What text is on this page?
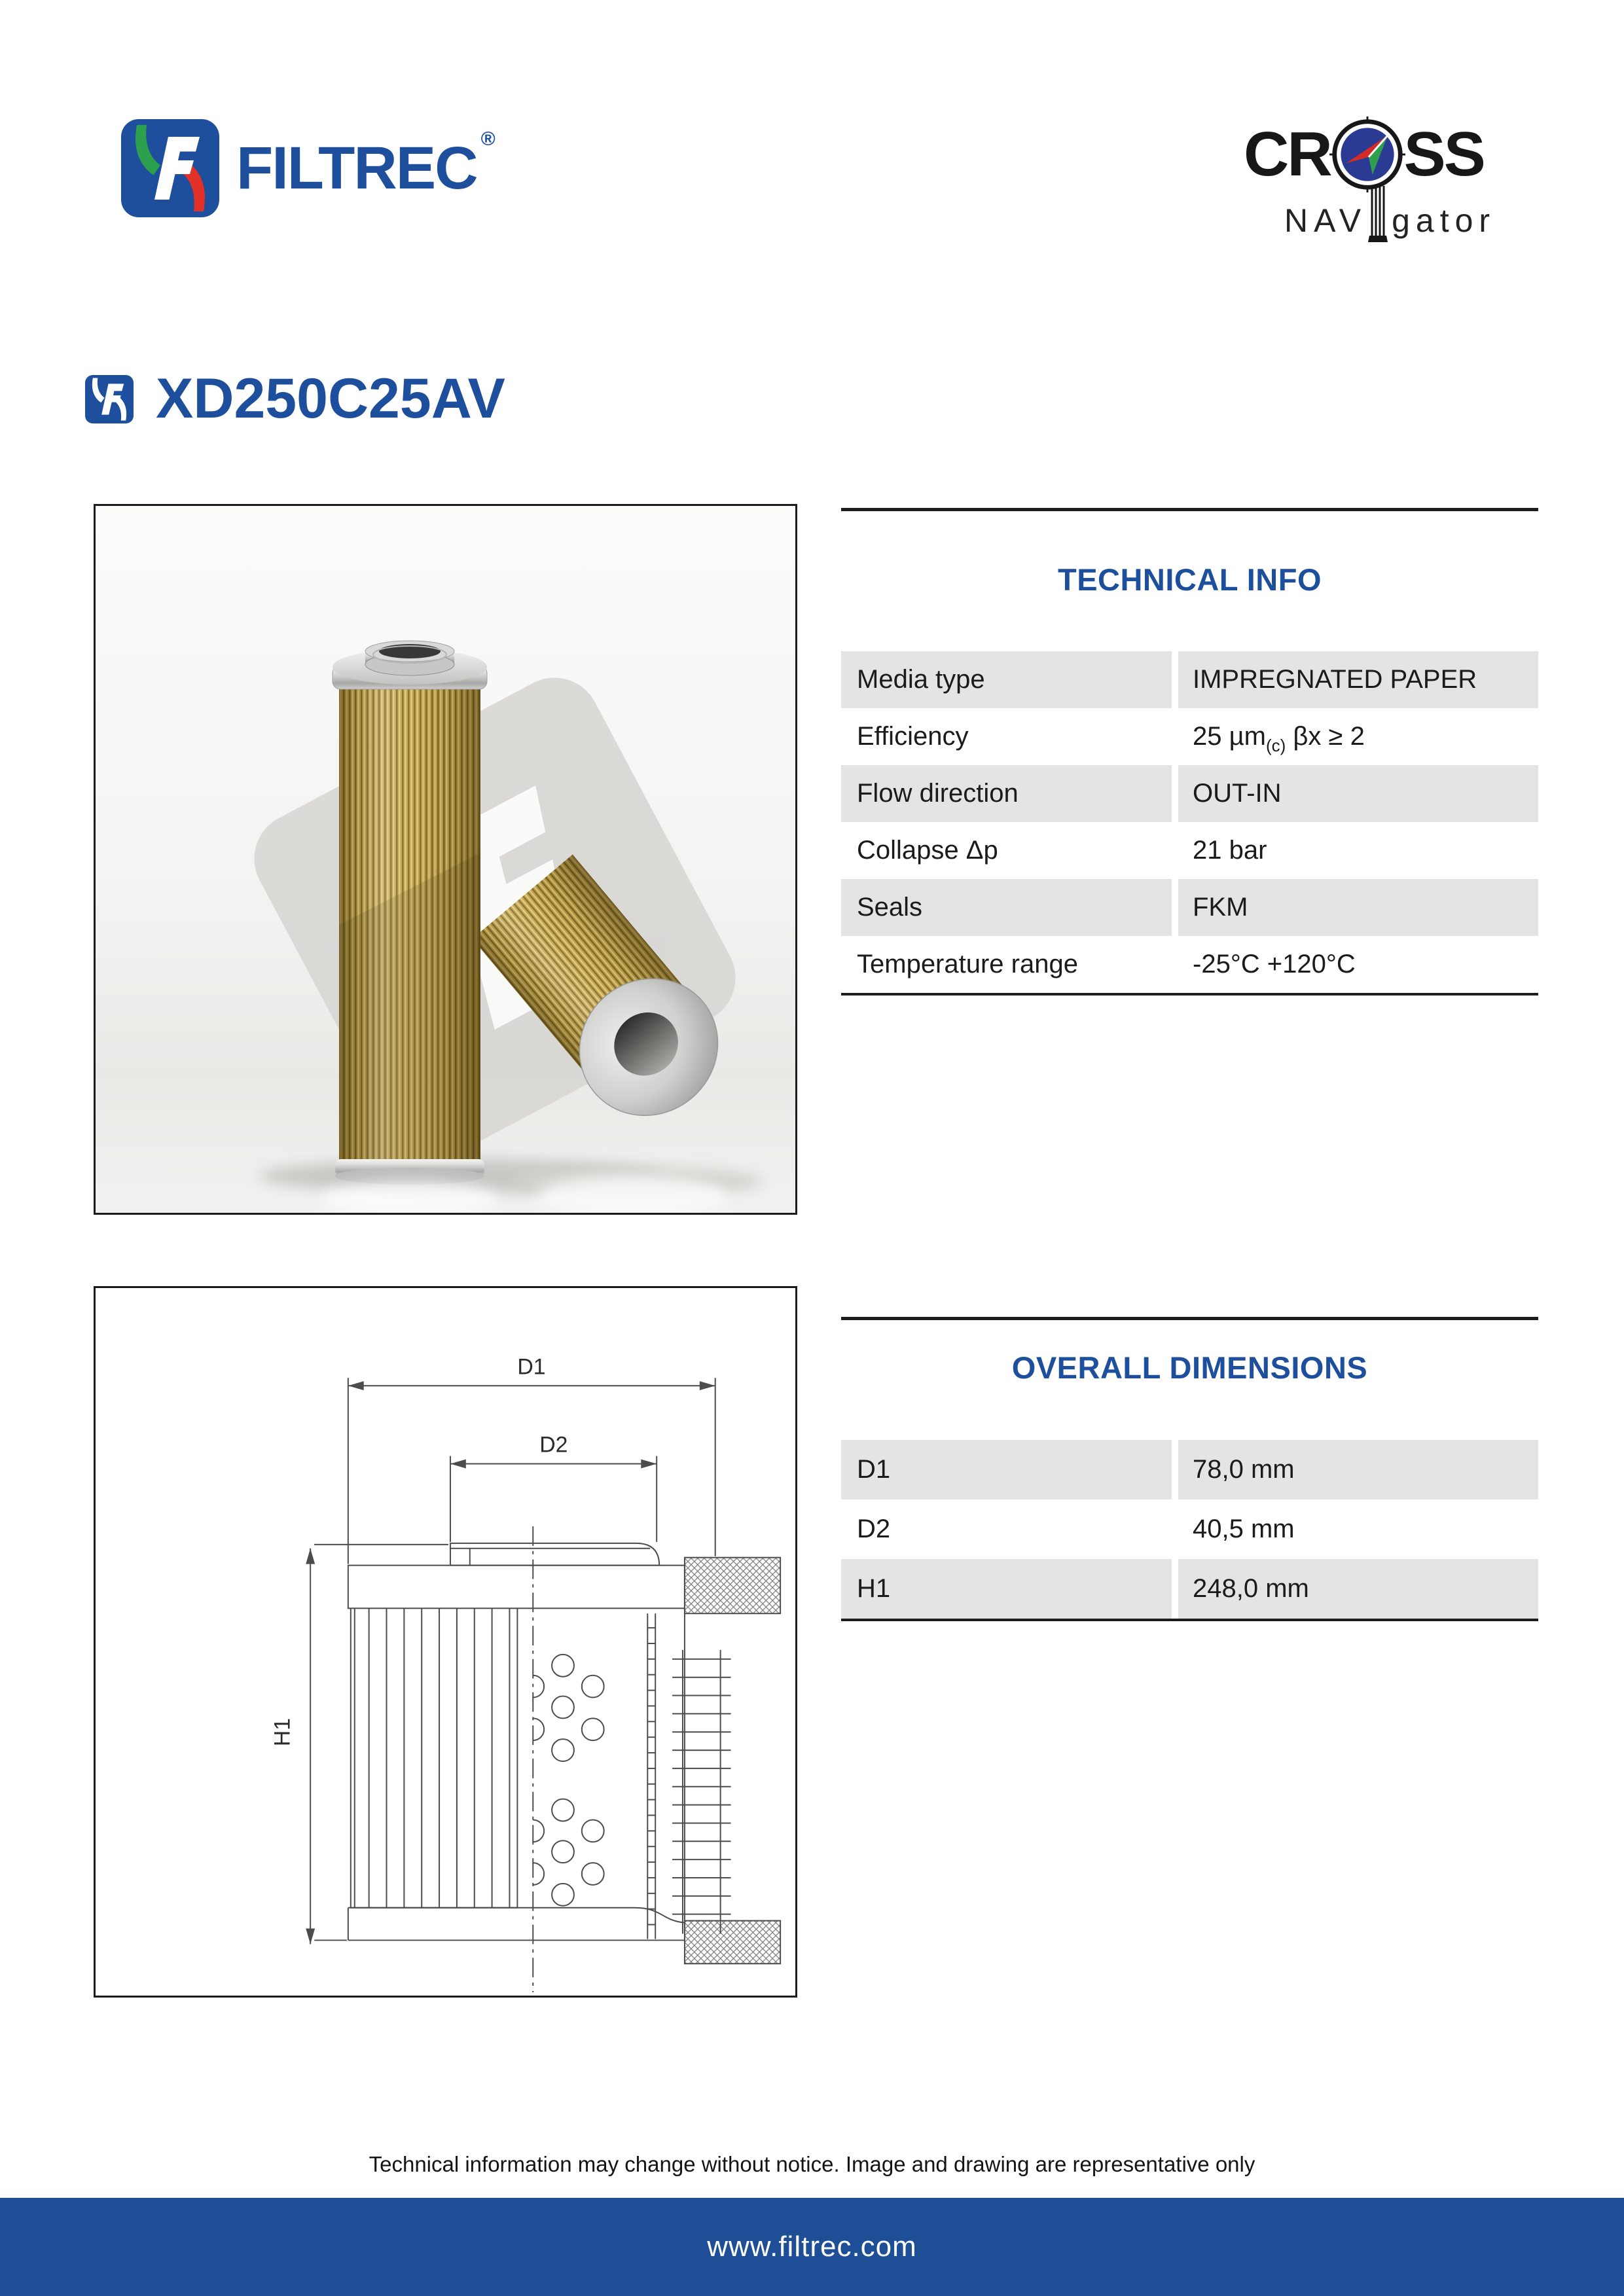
FILTREC ®	CR SS
NAV gator
XD250C25AV
TECHNICAL INFO
Media type	IMPREGNATED PAPER
Efficiency	25 µm (c) βx ≥ 2
Flow direction	OUT-IN
Collapse Δp	21 bar
Seals	FKM
Temperature range	-25°C +120°C
D1
D2
H1
OVERALL DIMENSIONS
D1	78,0 mm
D2	40,5 mm
H1	248,0 mm
Technical information may change without notice. Image and drawing are representative only
www.filtrec.com
